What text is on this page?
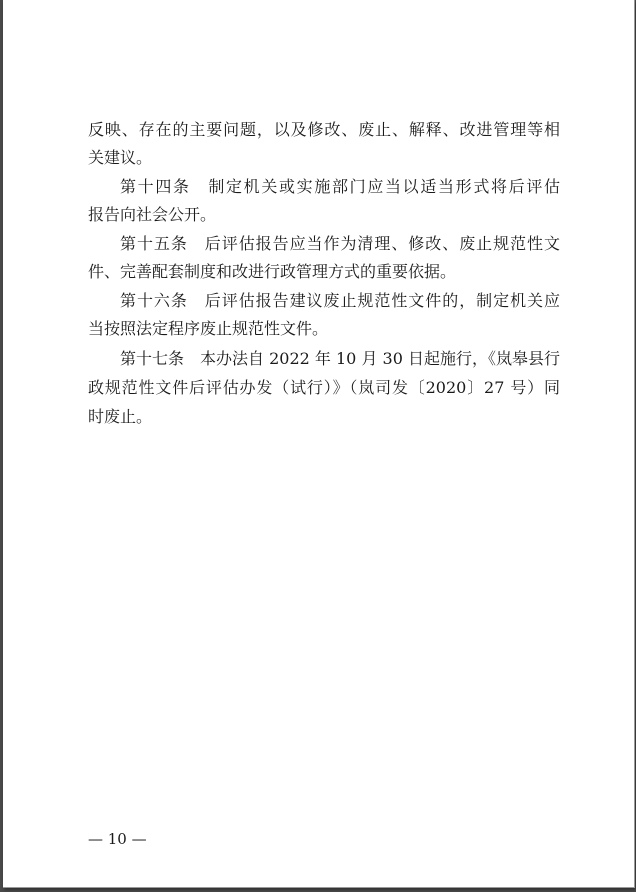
反映、存在的主要问题，以及修改、废止、解释、改进管理等相

关建议。

第十四条　制定机关或实施部门应当以适当形式将后评估

报告向社会公开。

第十五条　后评估报告应当作为清理、修改、废止规范性文

件、完善配套制度和改进行政管理方式的重要依据。

第十六条　后评估报告建议废止规范性文件的，制定机关应

当按照法定程序废止规范性文件。

第十七条　本办法自 2022 年 10 月 30 日起施行，《岚皋县行

政规范性文件后评估办发（试行）》（岚司发〔2020〕27 号）同

时废止。

— 10 —
